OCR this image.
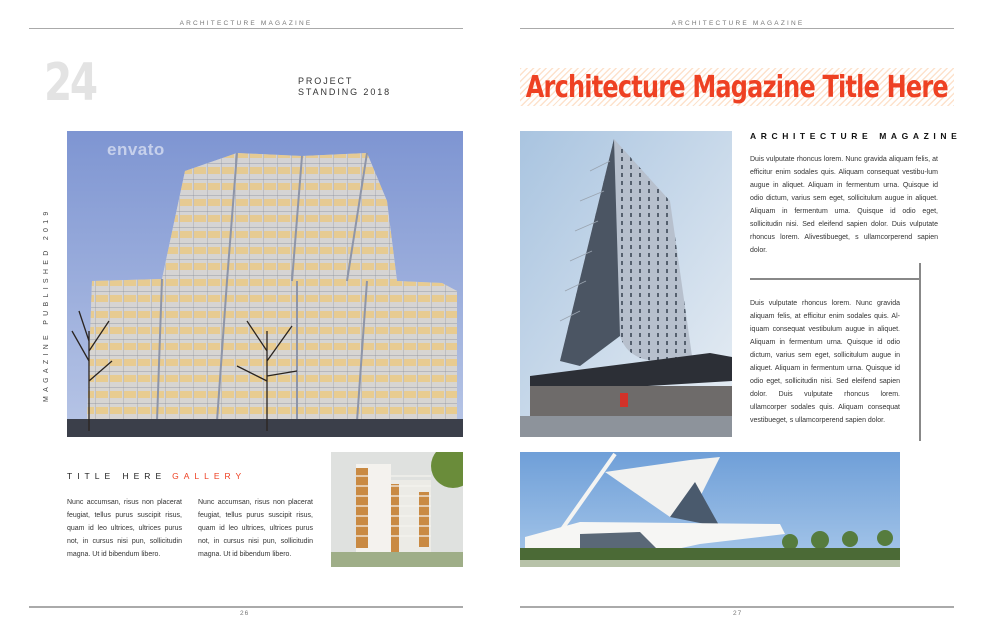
ARCHITECTURE MAGAZINE
24	PROJECT
STANDING 2018
MAGAZINE PUBLISHED 2019
envato
TITLE HERE GALLERY
Nunc accumsan, risus non placerat feugiat, tellus purus suscipit risus, quam id leo ultrices, ultrices purus not, in cursus nisi pun, sollicitudin magna. Ut id bibendum libero.
Nunc accumsan, risus non placerat feugiat, tellus purus suscipit risus, quam id leo ultrices, ultrices purus not, in cursus nisi pun, sollicitudin magna. Ut id bibendum libero.
26
ARCHITECTURE MAGAZINE
Architecture Magazine Title Here
ARCHITECTURE MAGAZINE
Duis vulputate rhoncus lorem. Nunc gravida aliquam felis, at efficitur enim sodales quis. Aliquam consequat vestibu-lum augue in aliquet. Aliquam in fermentum urna. Quisque id odio dictum, varius sem eget, sollicitulum augue in aliquet. Aliquam in fermentum urna. Quisque id odio eget, sollicitudin nisi. Sed eleifend sapien dolor. Duis vulputate rhoncus lorem. Alivestibueget, s ullamcorperend sapien dolor.
Duis vulputate rhoncus lorem. Nunc gravida aliquam felis, at efficitur enim sodales quis. Al-iquam consequat vestibulum augue in aliquet. Aliquam in fermentum urna. Quisque id odio dictum, varius sem eget, sollicitulum augue in aliquet. Aliquam in fermentum urna. Quisque id odio eget, sollicitudin nisi. Sed eleifend sapien dolor. Duis vulputate rhoncus lorem. ullamcorper sodales quis. Aliquam consequat vestibueget, s ullamcorperend sapien dolor.
27
